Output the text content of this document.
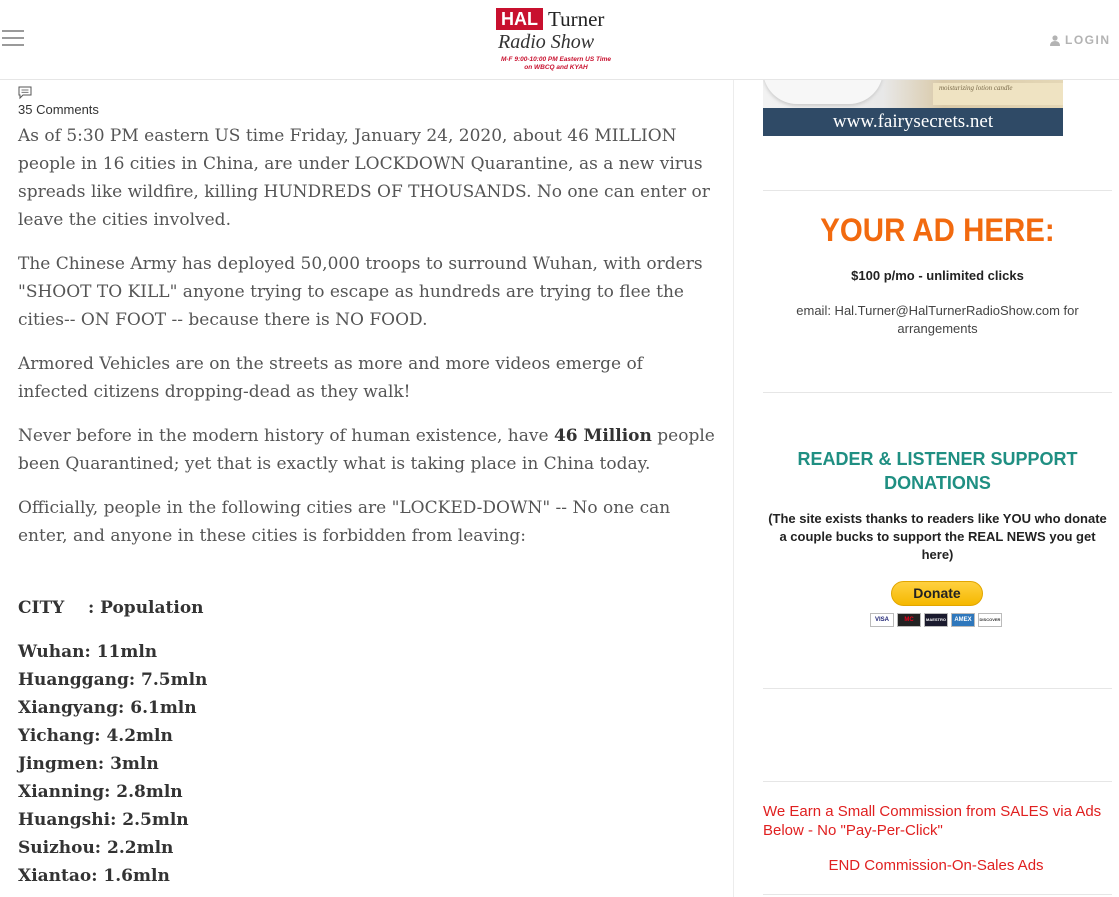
HAL Turner
Radio Show
M-F 9:00-10:00 PM Eastern US Time
on WBCQ and KYAH
LOGIN
35 Comments

As of 5:30 PM eastern US time Friday, January 24, 2020, about 46 MILLION people in 16 cities in China, are under LOCKDOWN Quarantine, as a new virus spreads like wildfire, killing HUNDREDS OF THOUSANDS. No one can enter or leave the cities involved.

The Chinese Army has deployed 50,000 troops to surround Wuhan, with orders "SHOOT TO KILL" anyone trying to escape as hundreds are trying to flee the cities-- ON FOOT -- because there is NO FOOD.

Armored Vehicles are on the streets as more and more videos emerge of infected citizens dropping-dead as they walk!

Never before in the modern history of human existence, have 46 Million people been Quarantined; yet that is exactly what is taking place in China today.

Officially, people in the following cities are "LOCKED-DOWN" -- No one can enter, and anyone in these cities is forbidden from leaving:

CITY    : Population

Wuhan: 11mln

Huanggang: 7.5mln

Xiangyang: 6.1mln

Yichang: 4.2mln

Jingmen: 3mln

Xianning: 2.8mln

Huangshi: 2.5mln

Suizhou: 2.2mln

Xiantao: 1.6mln

moisturizing lotion candle
www.fairysecrets.net
YOUR AD HERE:
$100 p/mo - unlimited clicks
email: Hal.Turner@HalTurnerRadioShow.com for arrangements
READER & LISTENER SUPPORT DONATIONS
(The site exists thanks to readers like YOU who donate a couple bucks to support the REAL NEWS you get here)
Donate
VISA	MC	MAESTRO	AMEX	DISCOVER
We Earn a Small Commission from SALES via Ads Below - No "Pay-Per-Click"
END Commission-On-Sales Ads
